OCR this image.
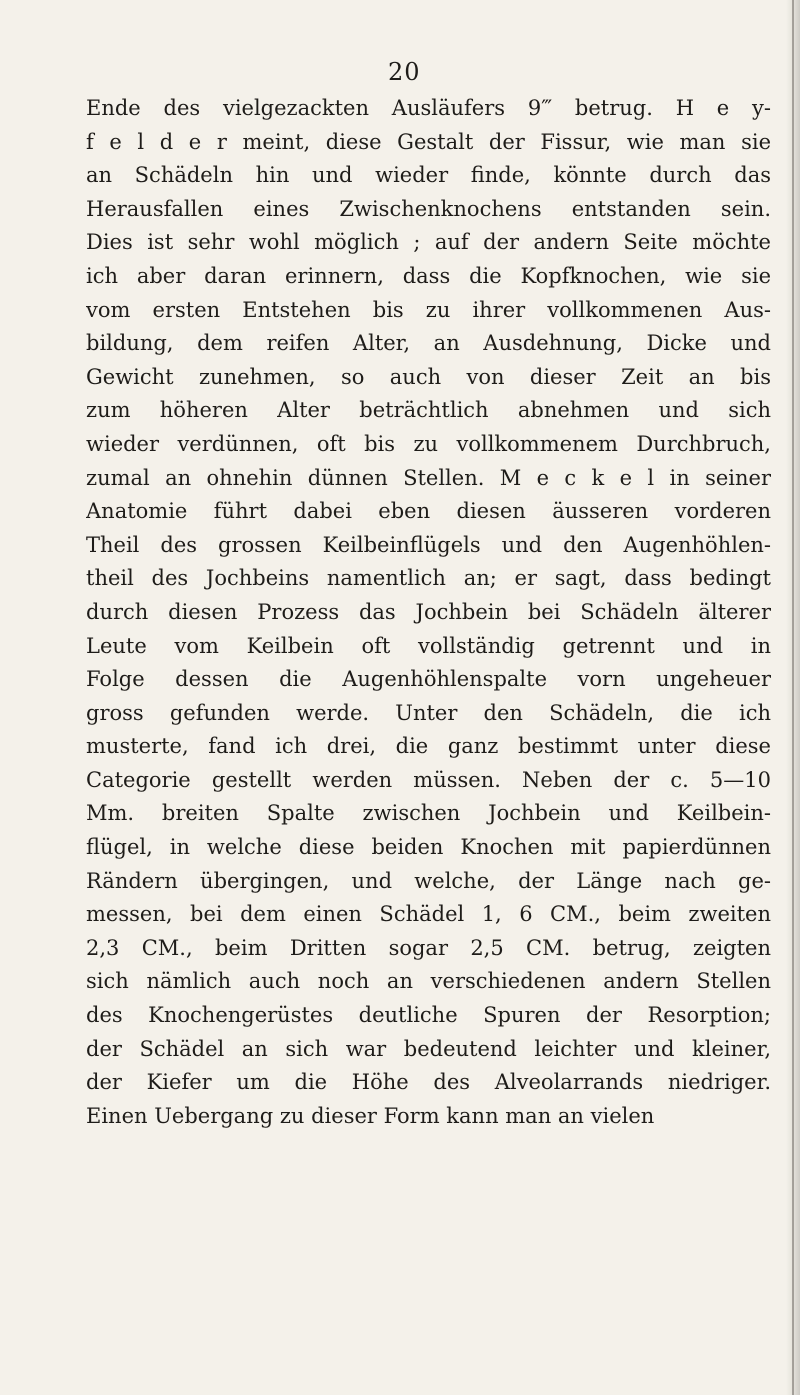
20
Ende des vielgezackten Ausläufers 9‴ betrug. H e y-
f e l d e r meint, diese Gestalt der Fissur, wie man sie
an Schädeln hin und wieder finde, könnte durch das
Herausfallen eines Zwischenknochens entstanden sein.
Dies ist sehr wohl möglich ; auf der andern Seite möchte
ich aber daran erinnern, dass die Kopfknochen, wie sie
vom ersten Entstehen bis zu ihrer vollkommenen Aus-
bildung, dem reifen Alter, an Ausdehnung, Dicke und
Gewicht zunehmen, so auch von dieser Zeit an bis
zum höheren Alter beträchtlich abnehmen und sich
wieder verdünnen, oft bis zu vollkommenem Durchbruch,
zumal an ohnehin dünnen Stellen. M e c k e l in seiner
Anatomie führt dabei eben diesen äusseren vorderen
Theil des grossen Keilbeinflügels und den Augenhöhlen-
theil des Jochbeins namentlich an; er sagt, dass bedingt
durch diesen Prozess das Jochbein bei Schädeln älterer
Leute vom Keilbein oft vollständig getrennt und in
Folge dessen die Augenhöhlenspalte vorn ungeheuer
gross gefunden werde. Unter den Schädeln, die ich
musterte, fand ich drei, die ganz bestimmt unter diese
Categorie gestellt werden müssen. Neben der c. 5—10
Mm. breiten Spalte zwischen Jochbein und Keilbein-
flügel, in welche diese beiden Knochen mit papierdünnen
Rändern übergingen, und welche, der Länge nach ge-
messen, bei dem einen Schädel 1, 6 CM., beim zweiten
2,3 CM., beim Dritten sogar 2,5 CM. betrug, zeigten
sich nämlich auch noch an verschiedenen andern Stellen
des Knochengerüstes deutliche Spuren der Resorption;
der Schädel an sich war bedeutend leichter und kleiner,
der Kiefer um die Höhe des Alveolarrands niedriger.
Einen Uebergang zu dieser Form kann man an vielen
